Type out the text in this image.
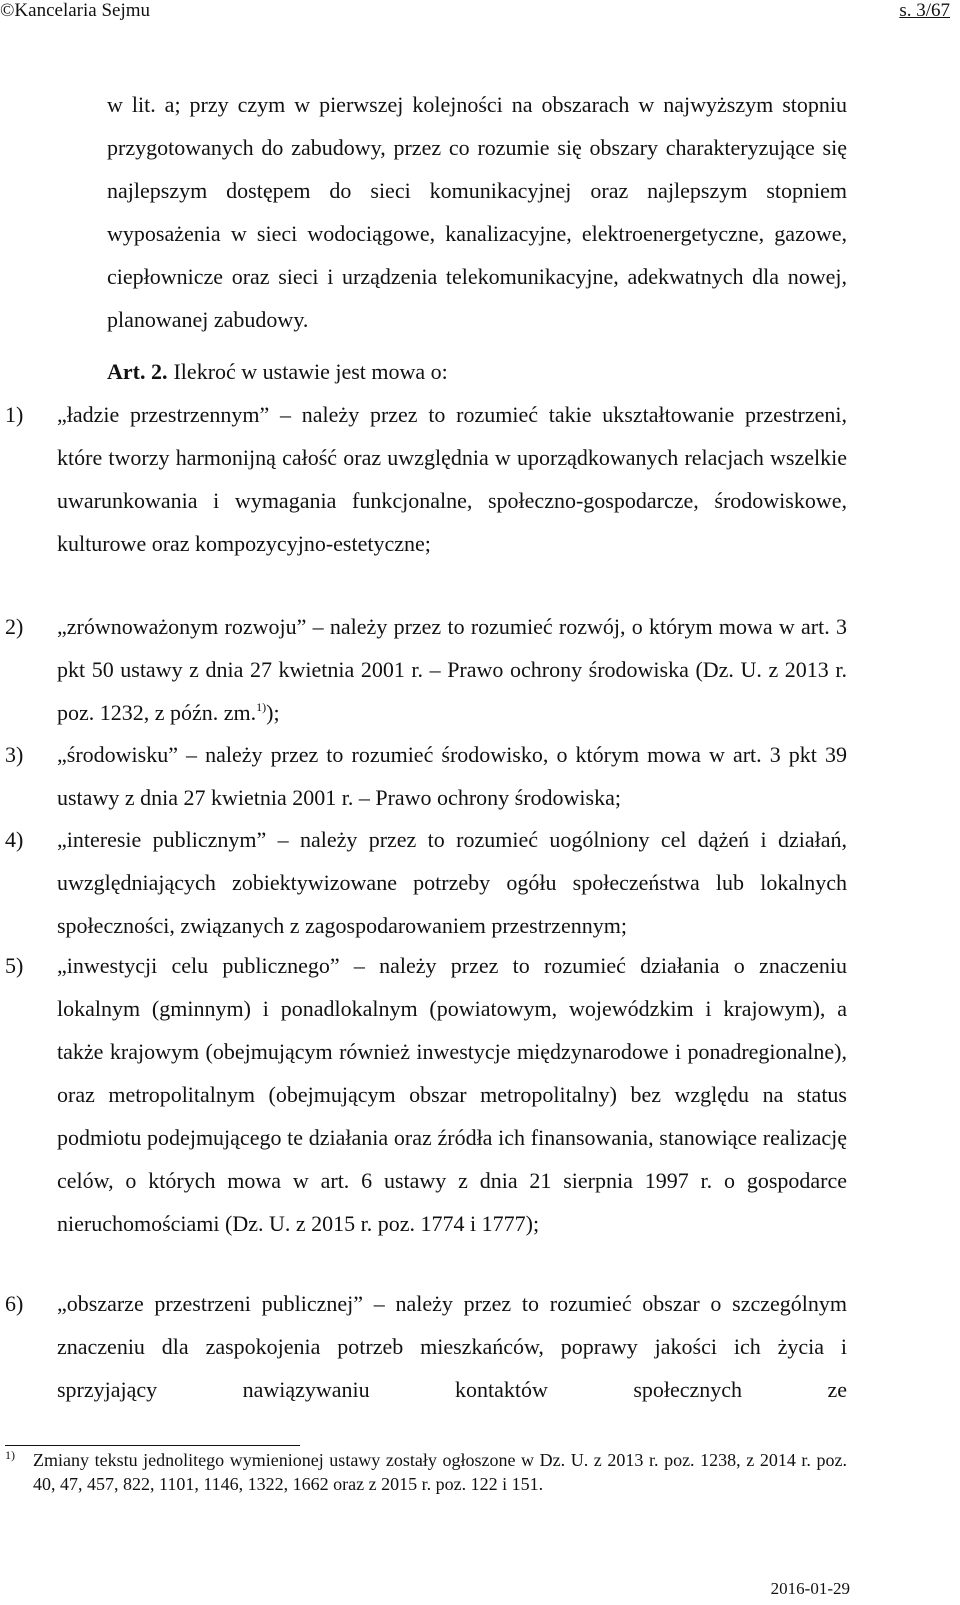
©Kancelaria Sejmu	s. 3/67
w lit. a; przy czym w pierwszej kolejności na obszarach w najwyższym stopniu przygotowanych do zabudowy, przez co rozumie się obszary charakteryzujące się najlepszym dostępem do sieci komunikacyjnej oraz najlepszym stopniem wyposażenia w sieci wodociągowe, kanalizacyjne, elektroenergetyczne, gazowe, ciepłownicze oraz sieci i urządzenia telekomunikacyjne, adekwatnych dla nowej, planowanej zabudowy.
Art. 2. Ilekroć w ustawie jest mowa o:
1) „ładzie przestrzennym” – należy przez to rozumieć takie ukształtowanie przestrzeni, które tworzy harmonijną całość oraz uwzględnia w uporządkowanych relacjach wszelkie uwarunkowania i wymagania funkcjonalne, społeczno-gospodarcze, środowiskowe, kulturowe oraz kompozycyjno-estetyczne;
2) „zrównoważonym rozwoju” – należy przez to rozumieć rozwój, o którym mowa w art. 3 pkt 50 ustawy z dnia 27 kwietnia 2001 r. – Prawo ochrony środowiska (Dz. U. z 2013 r. poz. 1232, z późn. zm.$^{1)}$);
3) „środowisku” – należy przez to rozumieć środowisko, o którym mowa w art. 3 pkt 39 ustawy z dnia 27 kwietnia 2001 r. – Prawo ochrony środowiska;
4) „interesie publicznym” – należy przez to rozumieć uogólniony cel dążeń i działań, uwzględniających zobiektywizowane potrzeby ogółu społeczeństwa lub lokalnych społeczności, związanych z zagospodarowaniem przestrzennym;
5) „inwestycji celu publicznego” – należy przez to rozumieć działania o znaczeniu lokalnym (gminnym) i ponadlokalnym (powiatowym, wojewódzkim i krajowym), a także krajowym (obejmującym również inwestycje międzynarodowe i ponadregionalne), oraz metropolitalnym (obejmującym obszar metropolitalny) bez względu na status podmiotu podejmującego te działania oraz źródła ich finansowania, stanowiące realizację celów, o których mowa w art. 6 ustawy z dnia 21 sierpnia 1997 r. o gospodarce nieruchomościami (Dz. U. z 2015 r. poz. 1774 i 1777);
6) „obszarze przestrzeni publicznej” – należy przez to rozumieć obszar o szczególnym znaczeniu dla zaspokojenia potrzeb mieszkańców, poprawy jakości ich życia i sprzyjający nawiązywaniu kontaktów społecznych ze
1) Zmiany tekstu jednolitego wymienionej ustawy zostały ogłoszone w Dz. U. z 2013 r. poz. 1238, z 2014 r. poz. 40, 47, 457, 822, 1101, 1146, 1322, 1662 oraz z 2015 r. poz. 122 i 151.
2016-01-29
